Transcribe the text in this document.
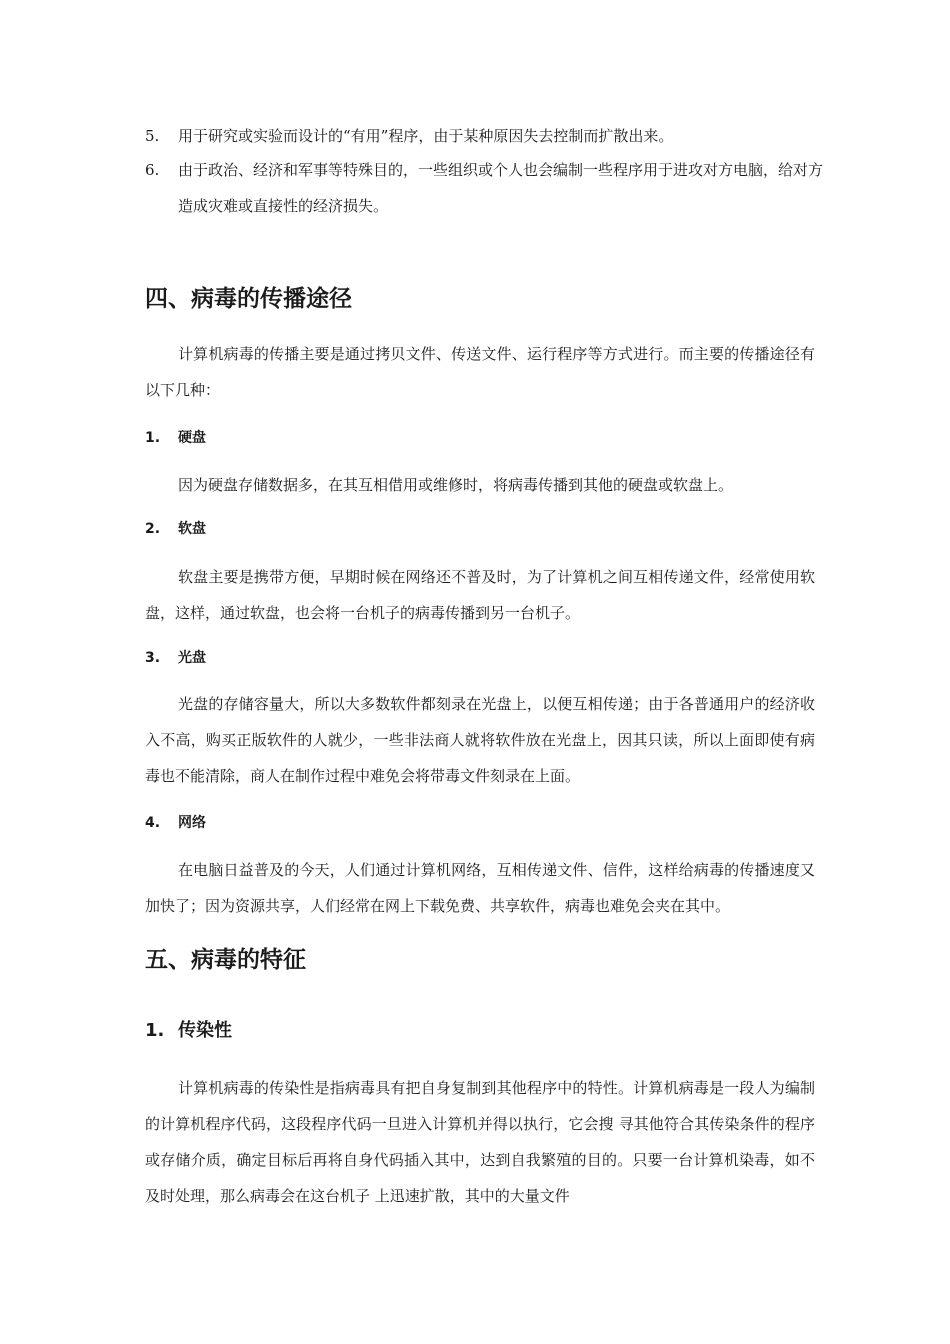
5. 用于研究或实验而设计的“有用”程序，由于某种原因失去控制而扩散出来。
6. 由于政治、经济和军事等特殊目的，一些组织或个人也会编制一些程序用于进攻对方电脑，给对方造成灾难或直接性的经济损失。
四、病毒的传播途径
计算机病毒的传播主要是通过拷贝文件、传送文件、运行程序等方式进行。而主要的传播途径有以下几种：
1. 硬盘
因为硬盘存储数据多，在其互相借用或维修时，将病毒传播到其他的硬盘或软盘上。
2. 软盘
软盘主要是携带方便，早期时候在网络还不普及时，为了计算机之间互相传递文件，经常使用软盘，这样，通过软盘，也会将一台机子的病毒传播到另一台机子。
3. 光盘
光盘的存储容量大，所以大多数软件都刻录在光盘上，以便互相传递；由于各普通用户的经济收入不高，购买正版软件的人就少，一些非法商人就将软件放在光盘上，因其只读，所以上面即使有病毒也不能清除，商人在制作过程中难免会将带毒文件刻录在上面。
4. 网络
在电脑日益普及的今天，人们通过计算机网络，互相传递文件、信件，这样给病毒的传播速度又加快了；因为资源共享，人们经常在网上下载免费、共享软件，病毒也难免会夹在其中。
五、病毒的特征
1. 传染性
计算机病毒的传染性是指病毒具有把自身复制到其他程序中的特性。计算机病毒是一段人为编制的计算机程序代码，这段程序代码一旦进入计算机并得以执行，它会搜 寻其他符合其传染条件的程序或存储介质，确定目标后再将自身代码插入其中，达到自我繁殖的目的。只要一台计算机染毒，如不及时处理，那么病毒会在这台机子 上迅速扩散，其中的大量文件
